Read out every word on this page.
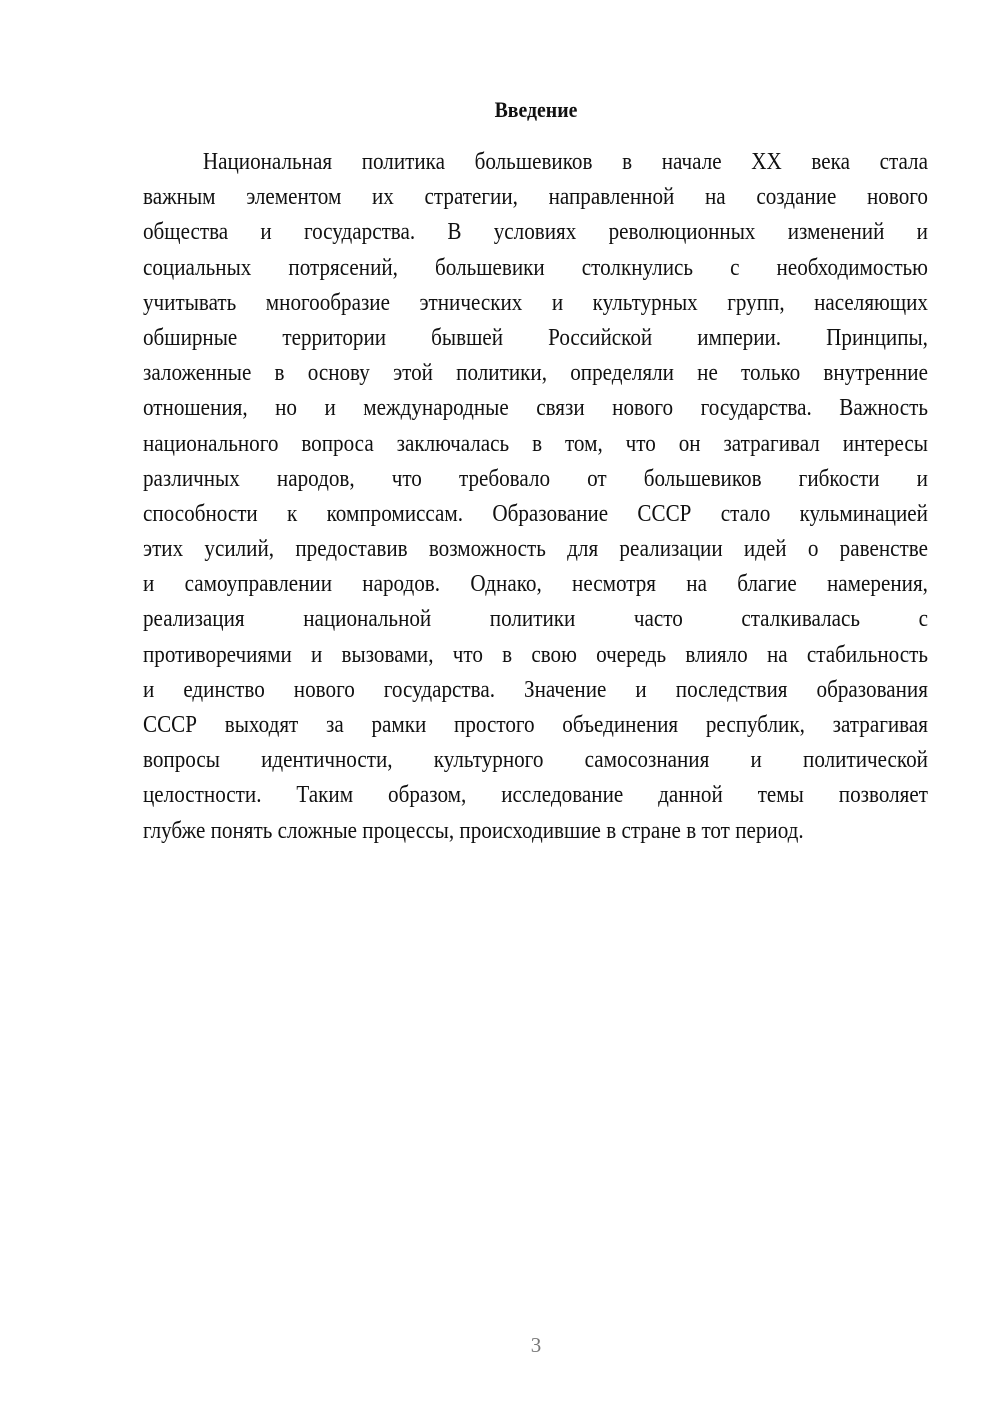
Введение
Национальная политика большевиков в начале XX века стала
важным элементом их стратегии, направленной на создание нового
общества и государства. В условиях революционных изменений и
социальных потрясений, большевики столкнулись с необходимостью
учитывать многообразие этнических и культурных групп, населяющих
обширные территории бывшей Российской империи. Принципы,
заложенные в основу этой политики, определяли не только внутренние
отношения, но и международные связи нового государства. Важность
национального вопроса заключалась в том, что он затрагивал интересы
различных народов, что требовало от большевиков гибкости и
способности к компромиссам. Образование СССР стало кульминацией
этих усилий, предоставив возможность для реализации идей о равенстве
и самоуправлении народов. Однако, несмотря на благие намерения,
реализация национальной политики часто сталкивалась с
противоречиями и вызовами, что в свою очередь влияло на стабильность
и единство нового государства. Значение и последствия образования
СССР выходят за рамки простого объединения республик, затрагивая
вопросы идентичности, культурного самосознания и политической
целостности. Таким образом, исследование данной темы позволяет
глубже понять сложные процессы, происходившие в стране в тот период.
3
